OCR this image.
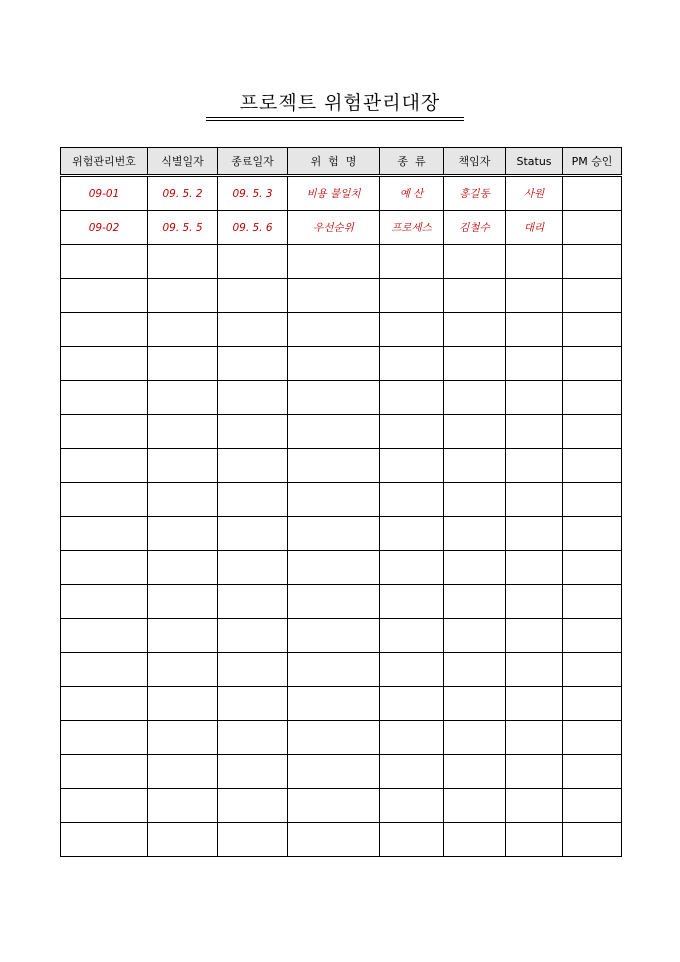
프로젝트 위험관리대장
위험관리번호	식별일자	종료일자	위  험  명	종  류	책임자	Status	PM 승인
09-01	09. 5. 2	09. 5. 3	비용 불일치	예 산	홍길동	사원	
09-02	09. 5. 5	09. 5. 6	우선순위	프로세스	김철수	대리	
